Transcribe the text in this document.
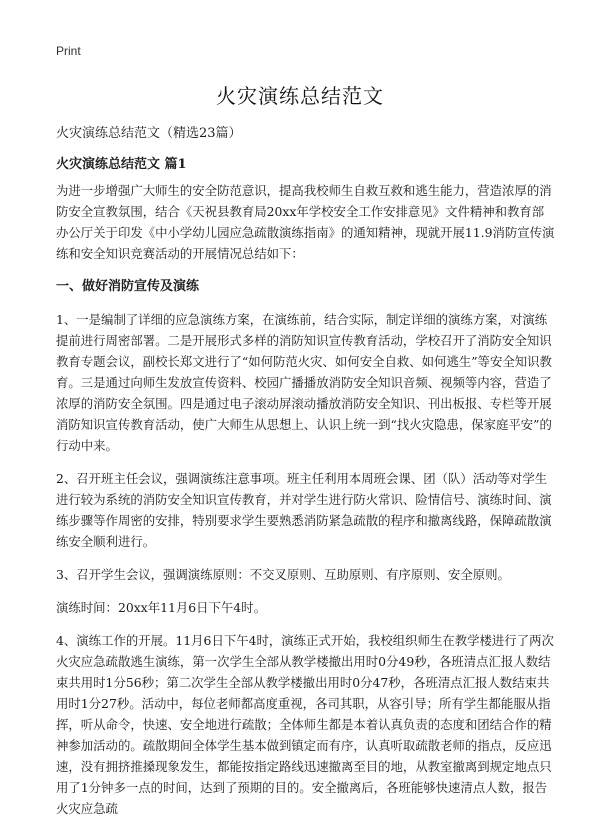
Print
火灾演练总结范文
火灾演练总结范文（精选23篇）
火灾演练总结范文 篇1

为进一步增强广大师生的安全防范意识，提高我校师生自救互救和逃生能力，营造浓厚的消防安全宣教氛围，结合《天祝县教育局20xx年学校安全工作安排意见》文件精神和教育部办公厅关于印发《中小学幼儿园应急疏散演练指南》的通知精神，现就开展11.9消防宣传演练和安全知识竞赛活动的开展情况总结如下：

一、做好消防宣传及演练

1、一是编制了详细的应急演练方案，在演练前，结合实际，制定详细的演练方案，对演练提前进行周密部署。二是开展形式多样的消防知识宣传教育活动，学校召开了消防安全知识教育专题会议，副校长郑文进行了“如何防范火灾、如何安全自救、如何逃生”等安全知识教育。三是通过向师生发放宣传资料、校园广播播放消防安全知识音频、视频等内容，营造了浓厚的消防安全氛围。四是通过电子滚动屏滚动播放消防安全知识、刊出板报、专栏等开展消防知识宣传教育活动，使广大师生从思想上、认识上统一到“找火灾隐患，保家庭平安”的行动中来。

2、召开班主任会议，强调演练注意事项。班主任利用本周班会课、团（队）活动等对学生进行较为系统的消防安全知识宣传教育，并对学生进行防火常识、险情信号、演练时间、演练步骤等作周密的安排，特别要求学生要熟悉消防紧急疏散的程序和撤离线路，保障疏散演练安全顺利进行。

3、召开学生会议，强调演练原则：不交叉原则、互助原则、有序原则、安全原则。

演练时间：20xx年11月6日下午4时。

4、演练工作的开展。11月6日下午4时，演练正式开始，我校组织师生在教学楼进行了两次火灾应急疏散逃生演练，第一次学生全部从教学楼撤出用时0分49秒，各班清点汇报人数结束共用时1分56秒；第二次学生全部从教学楼撤出用时0分47秒，各班清点汇报人数结束共用时1分27秒。活动中，每位老师都高度重视，各司其职，从容引导；所有学生都能服从指挥，听从命令，快速、安全地进行疏散；全体师生都是本着认真负责的态度和团结合作的精神参加活动的。疏散期间全体学生基本做到镇定而有序，认真听取疏散老师的指点，反应迅速，没有拥挤推搡现象发生，都能按指定路线迅速撤离至目的地，从教室撤离到规定地点只用了1分钟多一点的时间，达到了预期的目的。安全撤离后，各班能够快速清点人数，报告火灾应急疏
